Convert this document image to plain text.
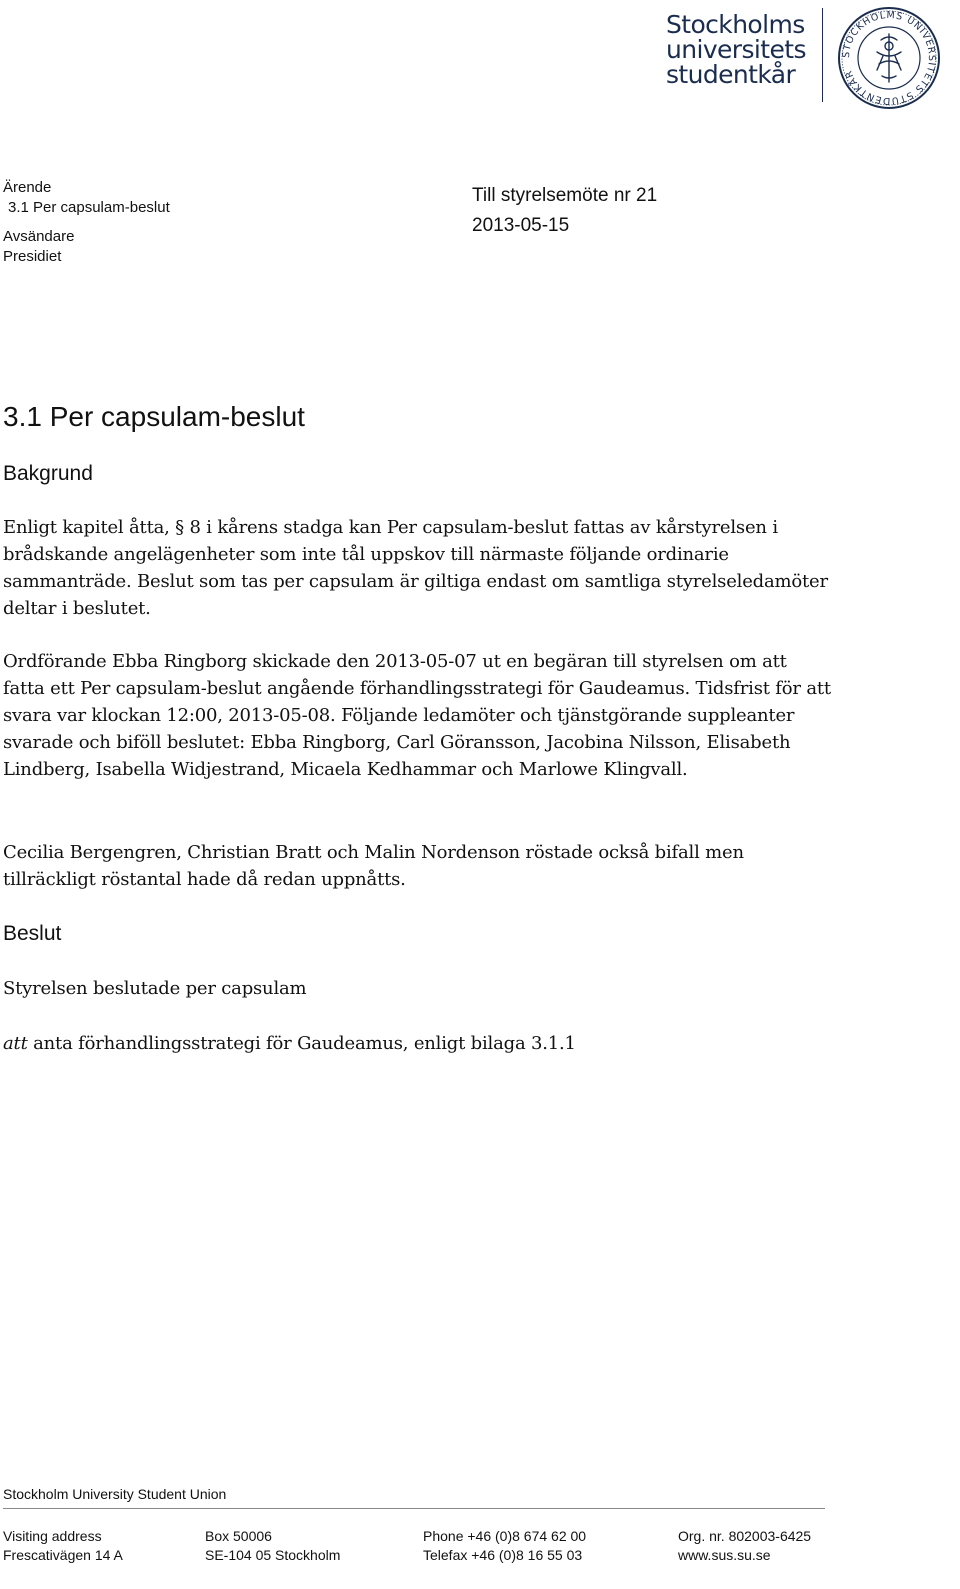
Stockholms
universitets
studentkår
STOCKHOLMS UNIVERSITETS STUDENTKÅR
Ärende
3.1 Per capsulam-beslut
Avsändare
Presidiet
Till styrelsemöte nr 21
2013-05-15
3.1 Per capsulam-beslut
Bakgrund

Enligt kapitel åtta, § 8 i kårens stadga kan Per capsulam-beslut fattas av kårstyrelsen i brådskande angelägenheter som inte tål uppskov till närmaste följande ordinarie sammanträde. Beslut som tas per capsulam är giltiga endast om samtliga styrelseledamöter deltar i beslutet.

Ordförande Ebba Ringborg skickade den 2013-05-07 ut en begäran till styrelsen om att fatta ett Per capsulam-beslut angående förhandlingsstrategi för Gaudeamus. Tidsfrist för att svara var klockan 12:00, 2013-05-08. Följande ledamöter och tjänstgörande suppleanter svarade och biföll beslutet: Ebba Ringborg, Carl Göransson, Jacobina Nilsson, Elisabeth Lindberg, Isabella Widjestrand, Micaela Kedhammar och Marlowe Klingvall.

Cecilia Bergengren, Christian Bratt och Malin Nordenson röstade också bifall men tillräckligt röstantal hade då redan uppnåtts.

Beslut

Styrelsen beslutade per capsulam

att anta förhandlingsstrategi för Gaudeamus, enligt bilaga 3.1.1

Stockholm University Student Union
Visiting address
Frescativägen 14 A
Box 50006
SE-104 05 Stockholm
Phone +46 (0)8 674 62 00
Telefax +46 (0)8 16 55 03
Org. nr. 802003-6425
www.sus.su.se
